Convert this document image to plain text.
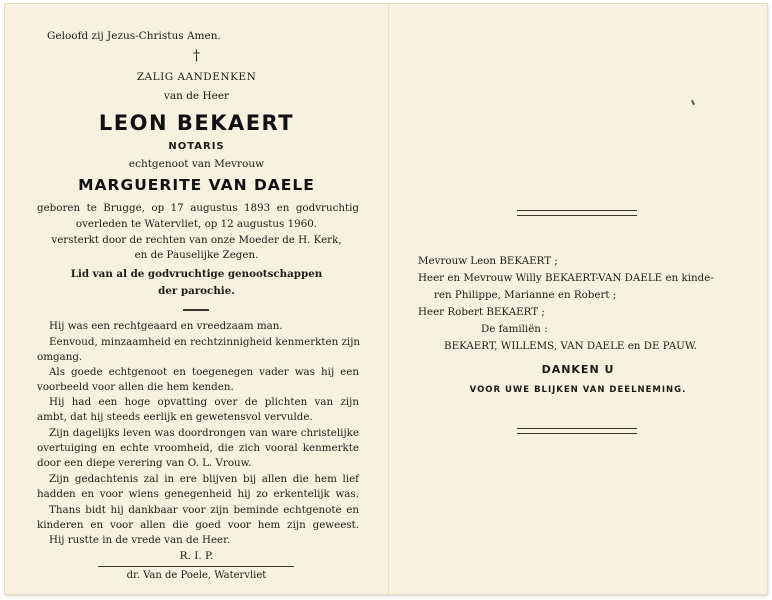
Geloofd zij Jezus-Christus Amen.
†
ZALIG AANDENKEN
van de Heer
LEON BEKAERT
NOTARIS
echtgenoot van Mevrouw
MARGUERITE VAN DAELE
geboren te Brugge, op 17 augustus 1893 en godvruchtig
overleden te Watervliet, op 12 augustus 1960.
versterkt door de rechten van onze Moeder de H. Kerk,
en de Pauselijke Zegen.
Lid van al de godvruchtige genootschappen
der parochie.
Hij was een rechtgeaard en vreedzaam man.
Eenvoud, minzaamheid en rechtzinnigheid kenmerkten zijn
omgang.
Als goede echtgenoot en toegenegen vader was hij een
voorbeeld voor allen die hem kenden.
Hij had een hoge opvatting over de plichten van zijn
ambt, dat hij steeds eerlijk en gewetensvol vervulde.
Zijn dagelijks leven was doordrongen van ware christelijke
overtuiging en echte vroomheid, die zich vooral kenmerkte
door een diepe verering van O. L. Vrouw.
Zijn gedachtenis zal in ere blijven bij allen die hem lief
hadden en voor wiens genegenheid hij zo erkentelijk was.
Thans bidt hij dankbaar voor zijn beminde echtgenote en
kinderen en voor allen die goed voor hem zijn geweest.
Hij rustte in de vrede van de Heer.
R. I. P.
dr. Van de Poele, Watervliet
Mevrouw Leon BEKAERT ;
Heer en Mevrouw Willy BEKAERT-VAN DAELE en kinde-
ren Philippe, Marianne en Robert ;
Heer Robert BEKAERT ;
De familiën :
BEKAERT, WILLEMS, VAN DAELE en DE PAUW.
DANKEN U
VOOR UWE BLIJKEN VAN DEELNEMING.
